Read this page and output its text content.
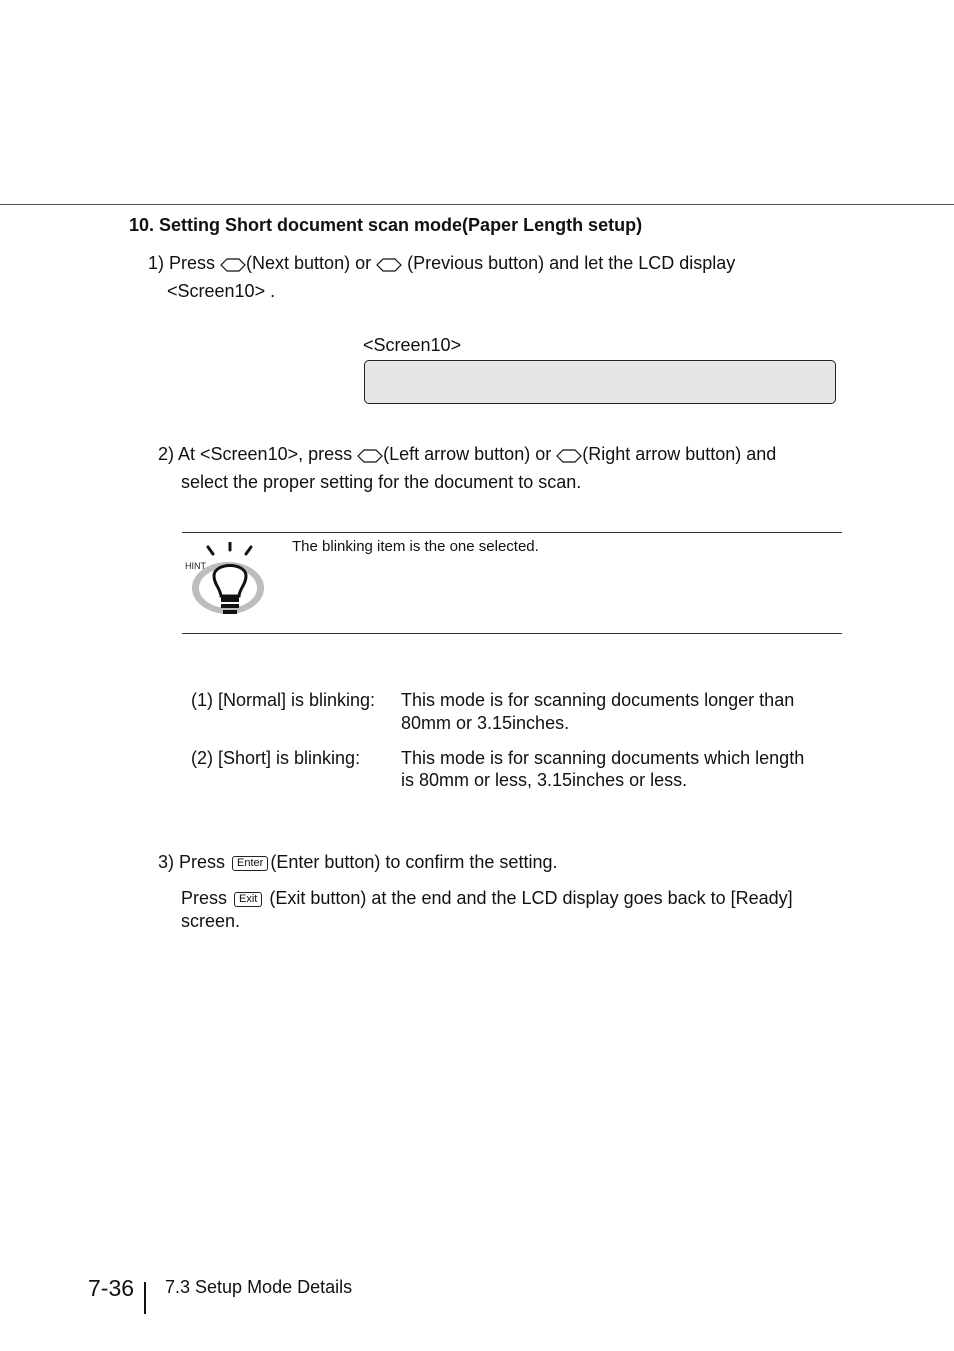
10. Setting Short document scan mode(Paper Length setup)
1) Press (Next button) or  (Previous button) and let the LCD display
<Screen10> .
<Screen10>
2) At <Screen10>, press (Left arrow button) or (Right arrow button) and
select the proper setting for the document to scan.
HINT
The blinking item is the one selected.
(1) [Normal] is blinking: This mode is for scanning documents longer than
80mm or 3.15inches.
(2) [Short] is blinking: This mode is for scanning documents which length
is 80mm or less, 3.15inches or less.
3) Press Enter (Enter button) to confirm the setting.
Press Exit (Exit button) at the end and the LCD display goes back to [Ready]
screen.
7-36 7.3 Setup Mode Details
